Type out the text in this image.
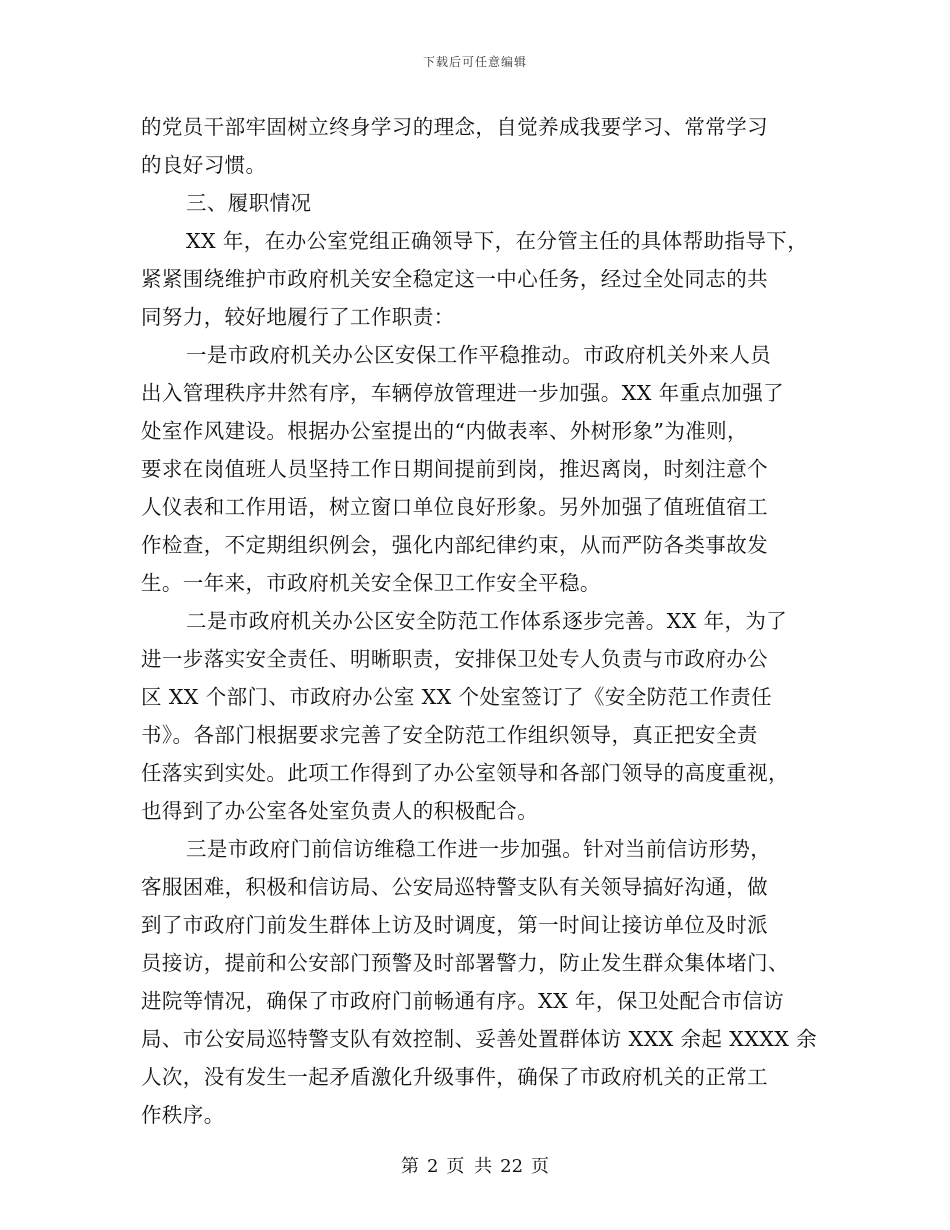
下载后可任意编辑
的党员干部牢固树立终身学习的理念，自觉养成我要学习、常常学习
的良好习惯。
三、履职情况
XX 年，在办公室党组正确领导下，在分管主任的具体帮助指导下，
紧紧围绕维护市政府机关安全稳定这一中心任务，经过全处同志的共
同努力，较好地履行了工作职责：
一是市政府机关办公区安保工作平稳推动。市政府机关外来人员
出入管理秩序井然有序，车辆停放管理进一步加强。XX 年重点加强了
处室作风建设。根据办公室提出的“内做表率、外树形象”为准则，
要求在岗值班人员坚持工作日期间提前到岗，推迟离岗，时刻注意个
人仪表和工作用语，树立窗口单位良好形象。另外加强了值班值宿工
作检查，不定期组织例会，强化内部纪律约束，从而严防各类事故发
生。一年来，市政府机关安全保卫工作安全平稳。
二是市政府机关办公区安全防范工作体系逐步完善。XX 年，为了
进一步落实安全责任、明晰职责，安排保卫处专人负责与市政府办公
区 XX 个部门、市政府办公室 XX 个处室签订了《安全防范工作责任
书》。各部门根据要求完善了安全防范工作组织领导，真正把安全责
任落实到实处。此项工作得到了办公室领导和各部门领导的高度重视，
也得到了办公室各处室负责人的积极配合。
三是市政府门前信访维稳工作进一步加强。针对当前信访形势，
客服困难，积极和信访局、公安局巡特警支队有关领导搞好沟通，做
到了市政府门前发生群体上访及时调度，第一时间让接访单位及时派
员接访，提前和公安部门预警及时部署警力，防止发生群众集体堵门、
进院等情况，确保了市政府门前畅通有序。XX 年，保卫处配合市信访
局、市公安局巡特警支队有效控制、妥善处置群体访 XXX 余起 XXXX 余
人次，没有发生一起矛盾激化升级事件，确保了市政府机关的正常工
作秩序。
第 2 页 共 22 页
